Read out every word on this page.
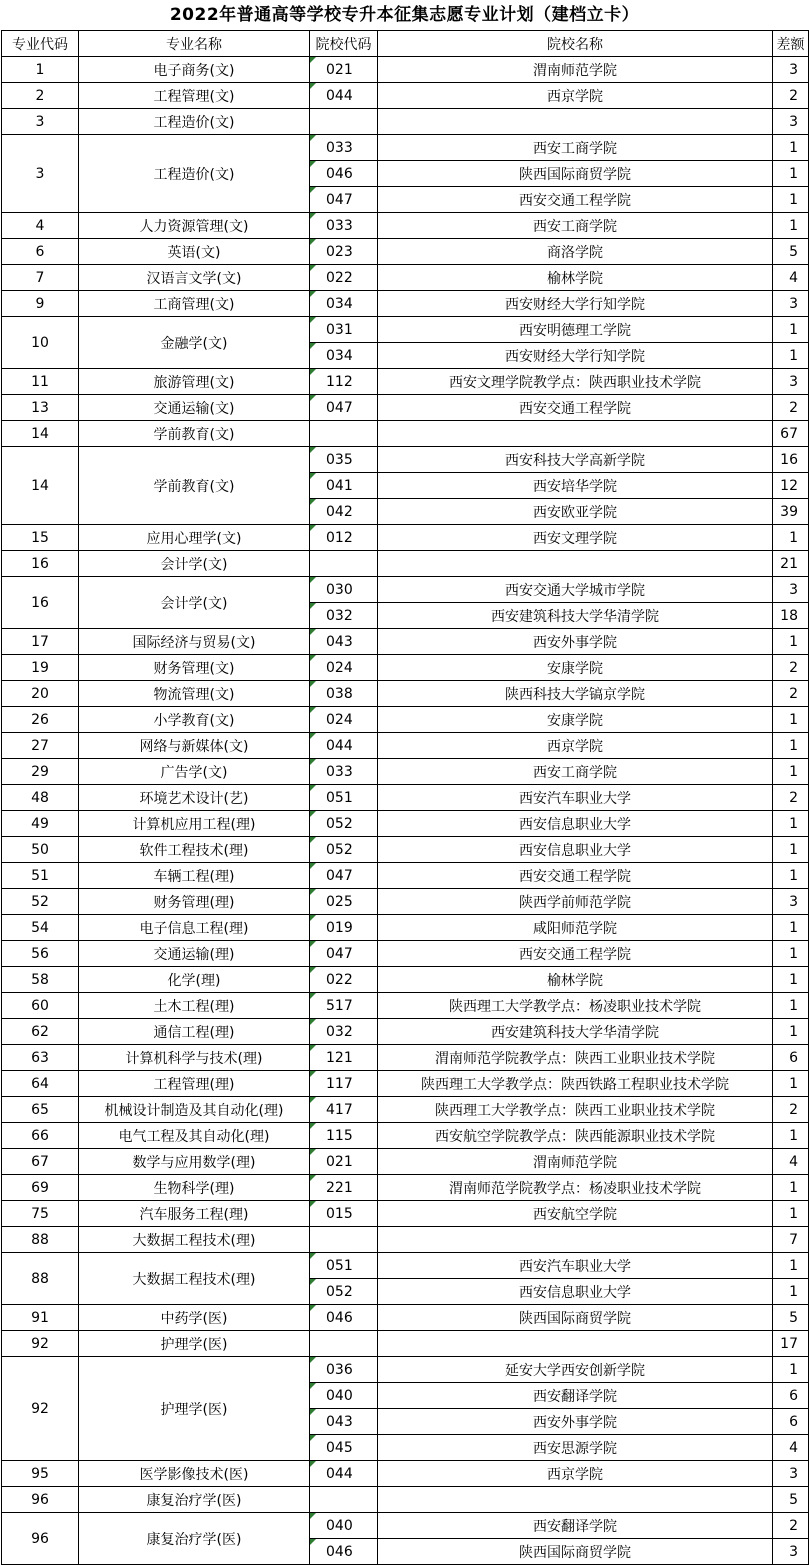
2022年普通高等学校专升本征集志愿专业计划（建档立卡）
专业代码	专业名称	院校代码	院校名称	差额
1	电子商务(文)	021	渭南师范学院	3
2	工程管理(文)	044	西京学院	2
3	工程造价(文)			3
3	工程造价(文)	033	西安工商学院	1
		046	陕西国际商贸学院	1
		047	西安交通工程学院	1
4	人力资源管理(文)	033	西安工商学院	1
6	英语(文)	023	商洛学院	5
7	汉语言文学(文)	022	榆林学院	4
9	工商管理(文)	034	西安财经大学行知学院	3
10	金融学(文)	031	西安明德理工学院	1
		034	西安财经大学行知学院	1
11	旅游管理(文)	112	西安文理学院教学点：陕西职业技术学院	3
13	交通运输(文)	047	西安交通工程学院	2
14	学前教育(文)			67
14	学前教育(文)	035	西安科技大学高新学院	16
		041	西安培华学院	12
		042	西安欧亚学院	39
15	应用心理学(文)	012	西安文理学院	1
16	会计学(文)			21
16	会计学(文)	030	西安交通大学城市学院	3
		032	西安建筑科技大学华清学院	18
17	国际经济与贸易(文)	043	西安外事学院	1
19	财务管理(文)	024	安康学院	2
20	物流管理(文)	038	陕西科技大学镐京学院	2
26	小学教育(文)	024	安康学院	1
27	网络与新媒体(文)	044	西京学院	1
29	广告学(文)	033	西安工商学院	1
48	环境艺术设计(艺)	051	西安汽车职业大学	2
49	计算机应用工程(理)	052	西安信息职业大学	1
50	软件工程技术(理)	052	西安信息职业大学	1
51	车辆工程(理)	047	西安交通工程学院	1
52	财务管理(理)	025	陕西学前师范学院	3
54	电子信息工程(理)	019	咸阳师范学院	1
56	交通运输(理)	047	西安交通工程学院	1
58	化学(理)	022	榆林学院	1
60	土木工程(理)	517	陕西理工大学教学点：杨凌职业技术学院	1
62	通信工程(理)	032	西安建筑科技大学华清学院	1
63	计算机科学与技术(理)	121	渭南师范学院教学点：陕西工业职业技术学院	6
64	工程管理(理)	117	陕西理工大学教学点：陕西铁路工程职业技术学院	1
65	机械设计制造及其自动化(理)	417	陕西理工大学教学点：陕西工业职业技术学院	2
66	电气工程及其自动化(理)	115	西安航空学院教学点：陕西能源职业技术学院	1
67	数学与应用数学(理)	021	渭南师范学院	4
69	生物科学(理)	221	渭南师范学院教学点：杨凌职业技术学院	1
75	汽车服务工程(理)	015	西安航空学院	1
88	大数据工程技术(理)			7
88	大数据工程技术(理)	051	西安汽车职业大学	1
		052	西安信息职业大学	1
91	中药学(医)	046	陕西国际商贸学院	5
92	护理学(医)			17
92	护理学(医)	036	延安大学西安创新学院	1
		040	西安翻译学院	6
		043	西安外事学院	6
		045	西安思源学院	4
95	医学影像技术(医)	044	西京学院	3
96	康复治疗学(医)			5
96	康复治疗学(医)	040	西安翻译学院	2
		046	陕西国际商贸学院	3
